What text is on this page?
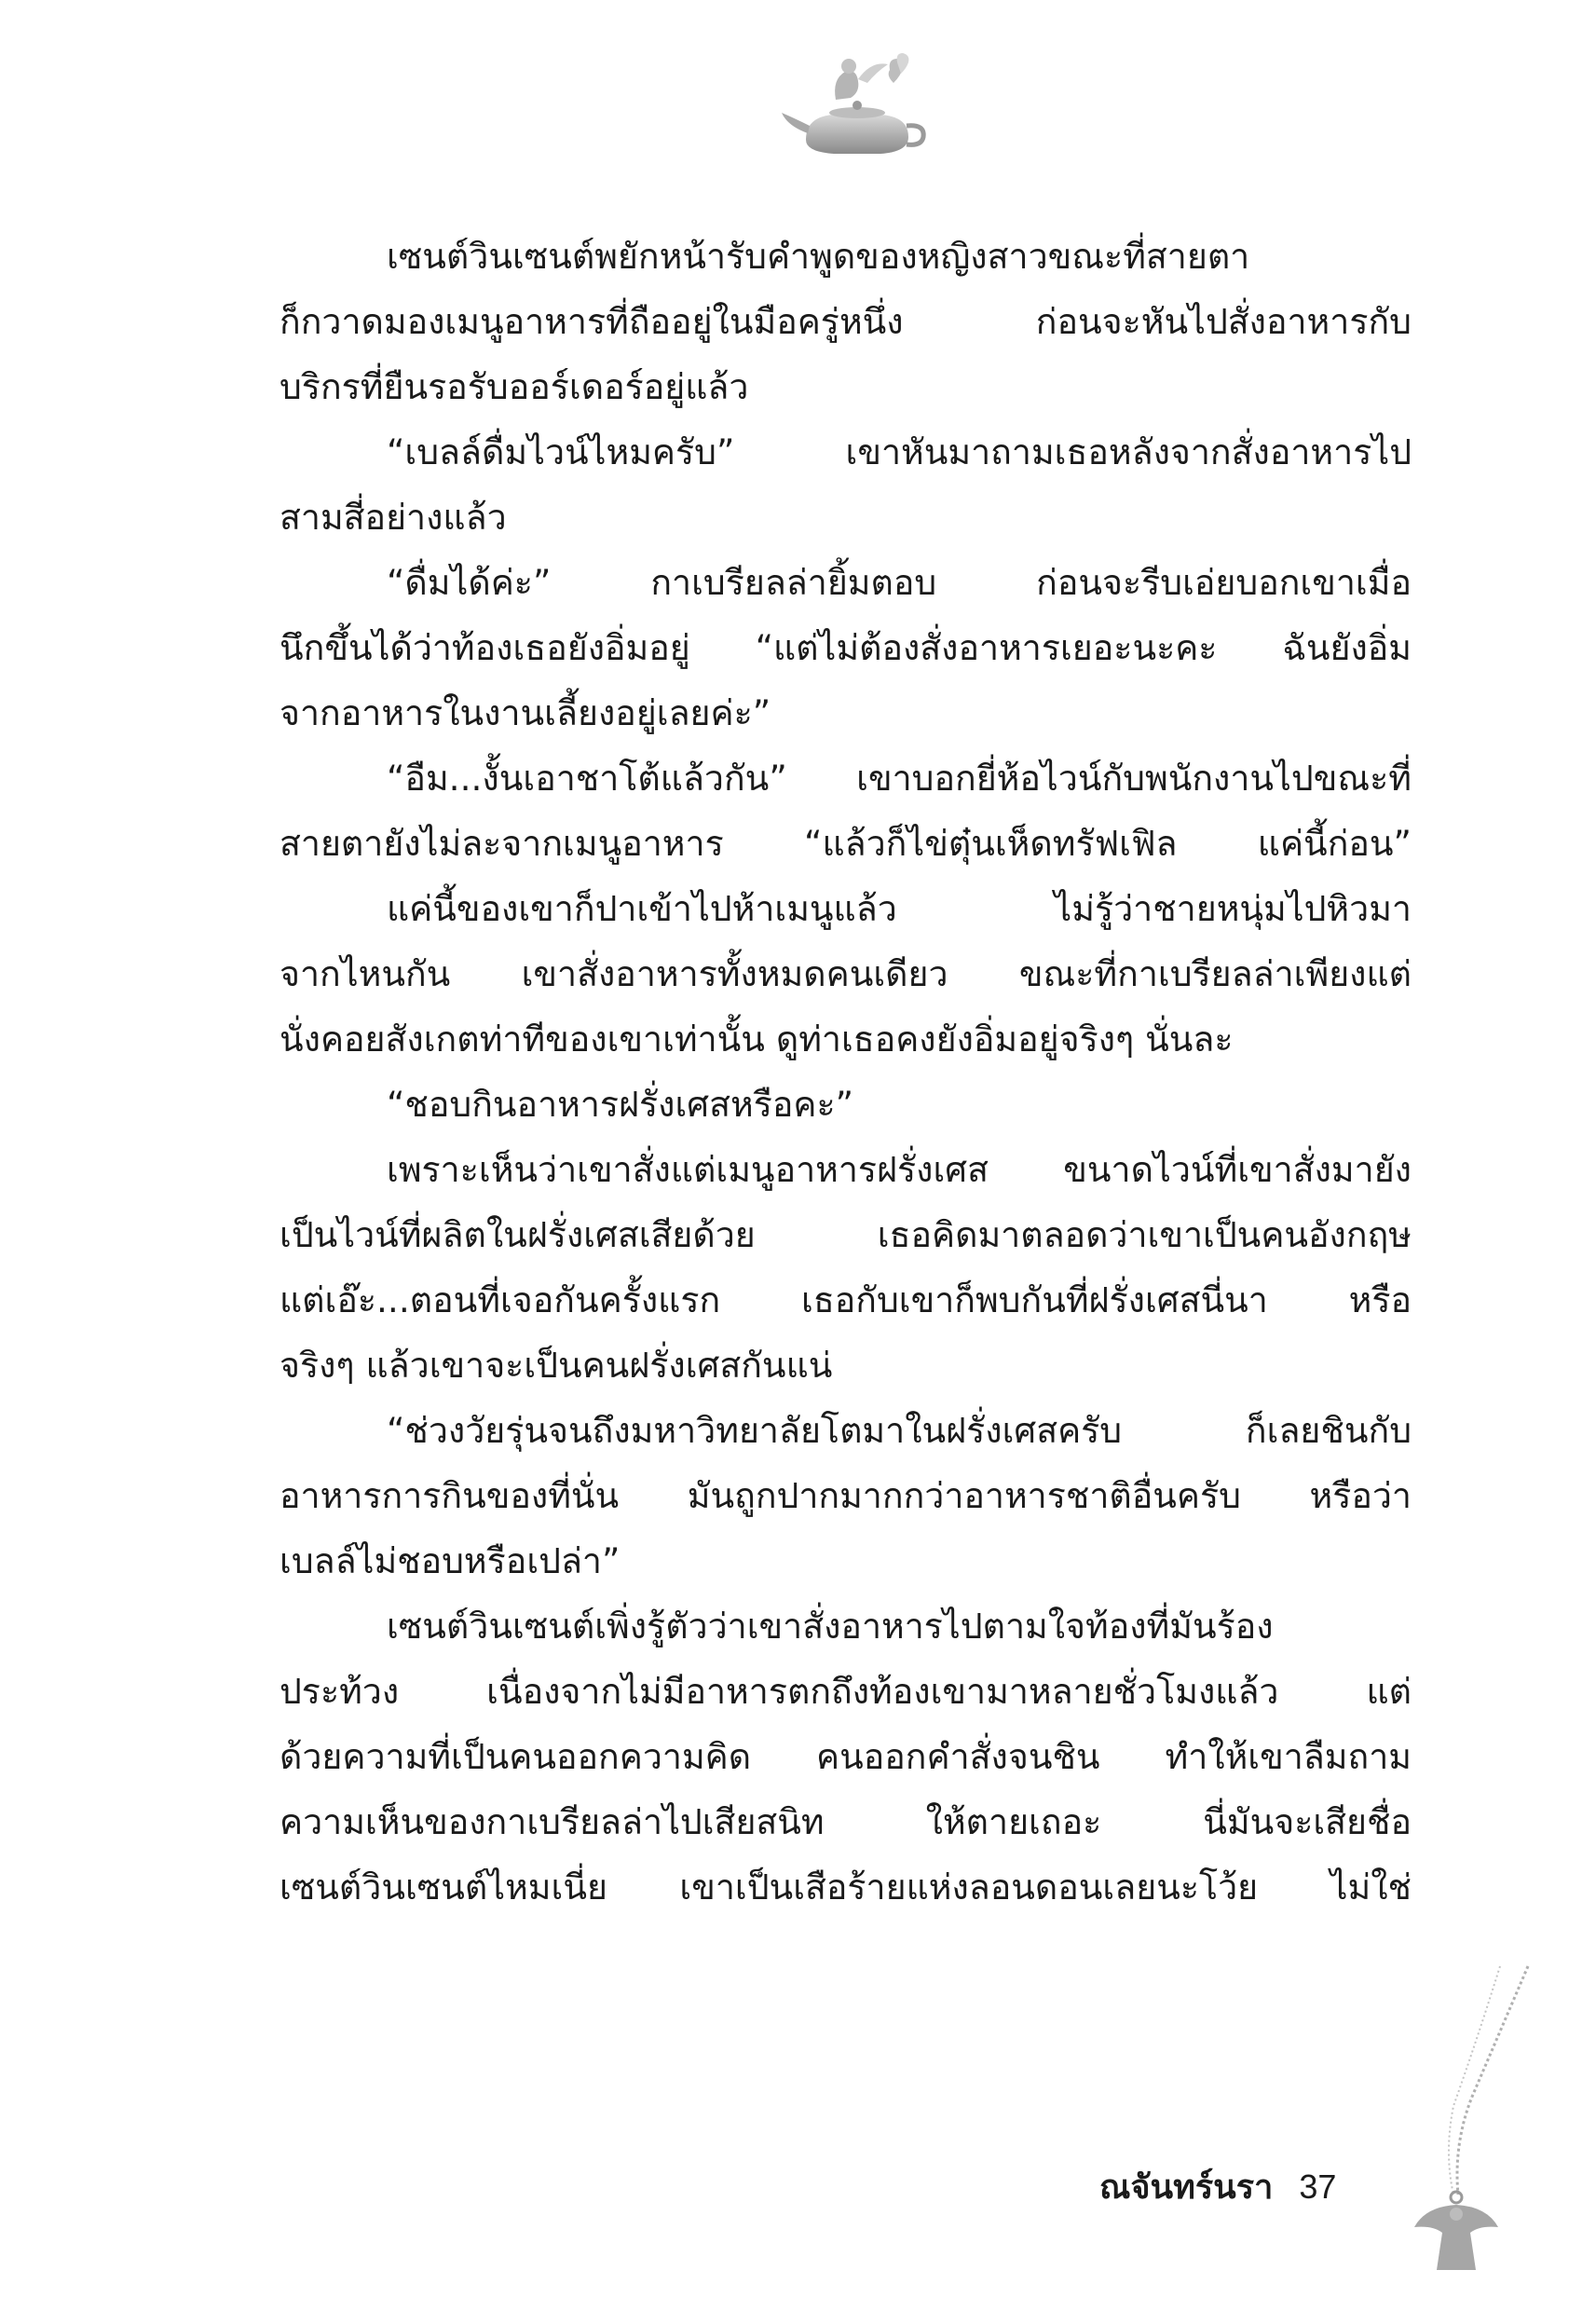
เซนต์วินเซนต์พยักหน้ารับคำพูดของหญิงสาวขณะที่สายตา
ก็กวาดมองเมนูอาหารที่ถืออยู่ในมือครู่หนึ่ง ก่อนจะหันไปสั่งอาหารกับ
บริกรที่ยืนรอรับออร์เดอร์อยู่แล้ว
“เบลล์ดื่มไวน์ไหมครับ” เขาหันมาถามเธอหลังจากสั่งอาหารไป
สามสี่อย่างแล้ว
“ดื่มได้ค่ะ” กาเบรียลล่ายิ้มตอบ ก่อนจะรีบเอ่ยบอกเขาเมื่อ
นึกขึ้นได้ว่าท้องเธอยังอิ่มอยู่ “แต่ไม่ต้องสั่งอาหารเยอะนะคะ ฉันยังอิ่ม
จากอาหารในงานเลี้ยงอยู่เลยค่ะ”
“อืม...งั้นเอาชาโต้แล้วกัน” เขาบอกยี่ห้อไวน์กับพนักงานไปขณะที่
สายตายังไม่ละจากเมนูอาหาร “แล้วก็ไข่ตุ๋นเห็ดทรัฟเฟิล แค่นี้ก่อน”
แค่นี้ของเขาก็ปาเข้าไปห้าเมนูแล้ว ไม่รู้ว่าชายหนุ่มไปหิวมา
จากไหนกัน เขาสั่งอาหารทั้งหมดคนเดียว ขณะที่กาเบรียลล่าเพียงแต่
นั่งคอยสังเกตท่าทีของเขาเท่านั้น ดูท่าเธอคงยังอิ่มอยู่จริงๆ นั่นละ
“ชอบกินอาหารฝรั่งเศสหรือคะ”
เพราะเห็นว่าเขาสั่งแต่เมนูอาหารฝรั่งเศส ขนาดไวน์ที่เขาสั่งมายัง
เป็นไวน์ที่ผลิตในฝรั่งเศสเสียด้วย เธอคิดมาตลอดว่าเขาเป็นคนอังกฤษ
แต่เอ๊ะ...ตอนที่เจอกันครั้งแรก เธอกับเขาก็พบกันที่ฝรั่งเศสนี่นา หรือ
จริงๆ แล้วเขาจะเป็นคนฝรั่งเศสกันแน่
“ช่วงวัยรุ่นจนถึงมหาวิทยาลัยโตมาในฝรั่งเศสครับ ก็เลยชินกับ
อาหารการกินของที่นั่น มันถูกปากมากกว่าอาหารชาติอื่นครับ หรือว่า
เบลล์ไม่ชอบหรือเปล่า”
เซนต์วินเซนต์เพิ่งรู้ตัวว่าเขาสั่งอาหารไปตามใจท้องที่มันร้อง
ประท้วง เนื่องจากไม่มีอาหารตกถึงท้องเขามาหลายชั่วโมงแล้ว แต่
ด้วยความที่เป็นคนออกความคิด คนออกคำสั่งจนชิน ทำให้เขาลืมถาม
ความเห็นของกาเบรียลล่าไปเสียสนิท ให้ตายเถอะ นี่มันจะเสียชื่อ
เซนต์วินเซนต์ไหมเนี่ย เขาเป็นเสือร้ายแห่งลอนดอนเลยนะโว้ย ไม่ใช่
ณจันทร์นรา 37
